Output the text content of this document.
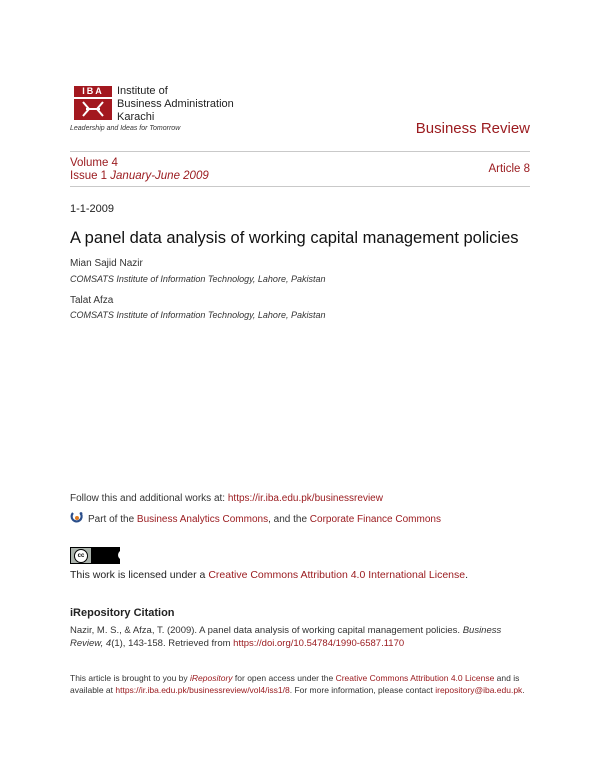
IBA	Institute of
Business Administration
Karachi
Leadership and Ideas for Tomorrow	Business Review
Volume 4
Issue 1 January-June 2009
Article 8
1-1-2009
A panel data analysis of working capital management policies
Mian Sajid Nazir
COMSATS Institute of Information Technology, Lahore, Pakistan
Talat Afza
COMSATS Institute of Information Technology, Lahore, Pakistan
Follow this and additional works at: https://ir.iba.edu.pk/businessreview
Part of the Business Analytics Commons, and the Corporate Finance Commons
cc
This work is licensed under a Creative Commons Attribution 4.0 International License.
iRepository Citation
Nazir, M. S., & Afza, T. (2009). A panel data analysis of working capital management policies. Business Review, 4(1), 143-158. Retrieved from https://doi.org/10.54784/1990-6587.1170
This article is brought to you by iRepository for open access under the Creative Commons Attribution 4.0 License and is available at https://ir.iba.edu.pk/businessreview/vol4/iss1/8. For more information, please contact irepository@iba.edu.pk.
